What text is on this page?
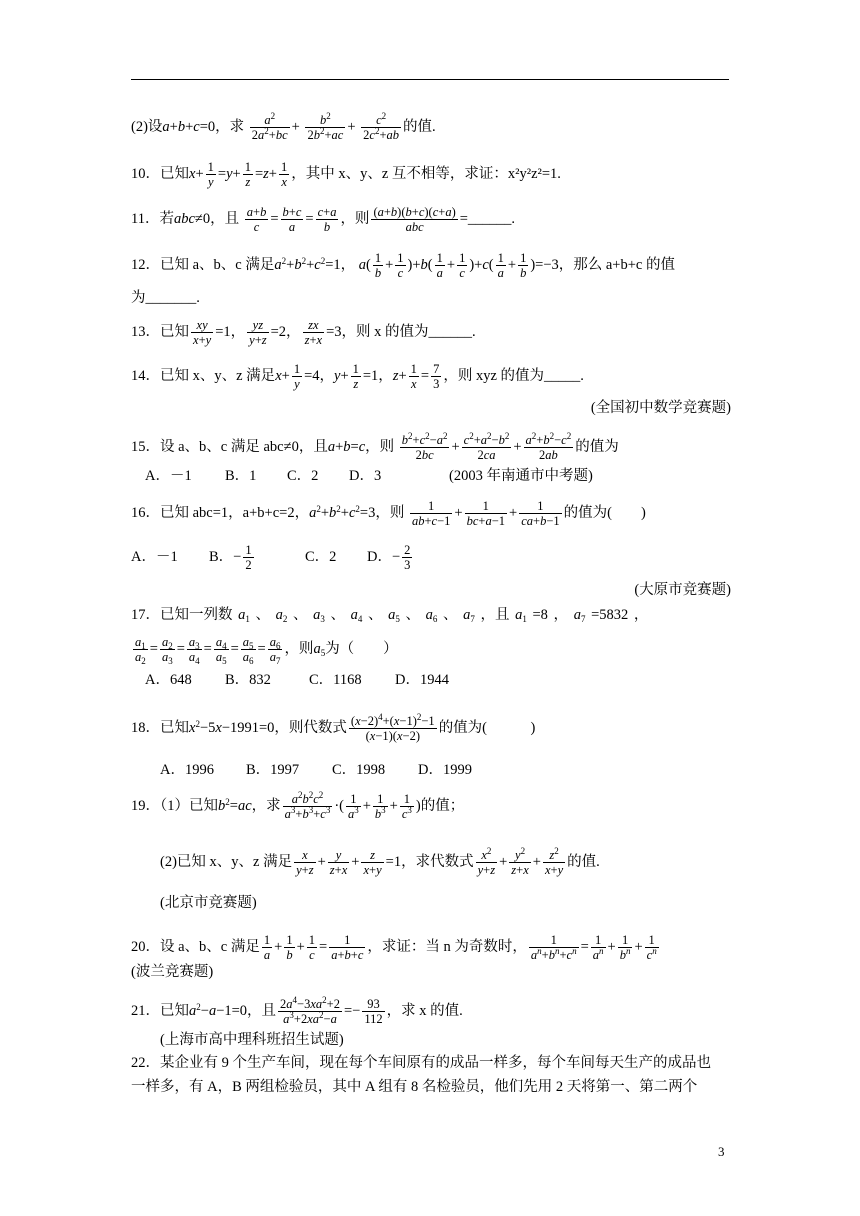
(2)设a+b+c=0，求 $\frac{a^2}{2a^2+bc} + \frac{b^2}{2b^2+ac} + \frac{c^2}{2c^2+ab}$ 的值.
10．已知$x+ \frac{1}{y} =y+ \frac{1}{z} =z+ \frac{1}{x}$ ，其中 x、y、z 互不相等，求证：x²y²z²=1.
11．若abc≠0，且 $\frac{a+b}{c} = \frac{b+c}{a} = \frac{c+a}{b}$ ，则 $\frac{(a+b)(b+c)(c+a)}{\text{abc}}$ =______.
12．已知 a、b、c 满足$a^2+b^2+c^2=1$， $a( \frac{1}{b} + \frac{1}{c} )+b( \frac{1}{a} + \frac{1}{c} )+c( \frac{1}{a} + \frac{1}{b} )=-3$，那么 a+b+c 的值
为_______.
13．已知 $\frac{xy}{x+y} =1$， $\frac{yz}{y+z} =2$， $\frac{zx}{z+x} =3$，则 x 的值为______.
14．已知 x、y、z 满足$x+ \frac{1}{y} =4$，$y+ \frac{1}{z} =1$，$z+ \frac{1}{x} = \frac{7}{3}$ ，则 xyz 的值为_____.
(全国初中数学竞赛题)
15．设 a、b、c 满足 abc≠0，且a+b=c，则 $\frac{b^2+c^2-a^2}{2bc} + \frac{c^2+a^2-b^2}{2ca} + \frac{a^2+b^2-c^2}{2ab}$ 的值为
A．－1 B．1 C．2 D．3	(2003 年南通市中考题)
16．已知 abc=1，a+b+c=2，$a^2+b^2+c^2=3$，则 $\frac{1}{ab+c-1} + \frac{1}{bc+a-1} + \frac{1}{ca+b-1}$ 的值为(　　)
A．－1 B．− $\frac{1}{2}$	C．2 D．− $\frac{2}{3}$
(大原市竞赛题)
17．已知一列数 $a_1$ 、 $a_2$ 、 $a_3$ 、 $a_4$ 、 $a_5$ 、 $a_6$ 、 $a_7$ ，且 $a_1 =8$ ， $a_7 =5832$ ，
$\frac{a_1}{a_2} = \frac{a_2}{a_3} = \frac{a_3}{a_4} = \frac{a_4}{a_5} = \frac{a_5}{a_6} = \frac{a_6}{a_7}$ ，则$a_5$为（　　）
A．648 B．832	C．1168 D．1944
18．已知$x^2-5x-1991=0$，则代数式 $\frac{(x-2)^4+(x-1)^2-1}{(x-1)(x-2)}$ 的值为(　　　)
A．1996 B．1997 C．1998 D．1999
19．（1）已知$b^2=ac$，求 $\frac{a^2b^2c^2}{a^3+b^3+c^3}$ ·( $\frac{1}{a^3} + \frac{1}{b^3} + \frac{1}{c^3}$ )的值；
(2)已知 x、y、z 满足 $\frac{x}{y+z} + \frac{y}{z+x} + \frac{z}{x+y} =1$，求代数式 $\frac{x^2}{y+z} + \frac{y^2}{z+x} + \frac{z^2}{x+y}$ 的值.
(北京市竞赛题)
20．设 a、b、c 满足 $\frac{1}{a} + \frac{1}{b} + \frac{1}{c} = \frac{1}{a+b+c}$ ，求证：当 n 为奇数时， $\frac{1}{a^n+b^n+c^n} = \frac{1}{a^n} + \frac{1}{b^n} + \frac{1}{c^n}$
(波兰竞赛题)
21．已知$a^2-a-1=0$，且 $\frac{2a^4-3xa^2+2}{a^3+2xa^2-a} =- \frac{93}{112}$ ，求 x 的值.
(上海市高中理科班招生试题)
22．某企业有 9 个生产车间，现在每个车间原有的成品一样多，每个车间每天生产的成品也
一样多，有 A，B 两组检验员，其中 A 组有 8 名检验员，他们先用 2 天将第一、第二两个
3
